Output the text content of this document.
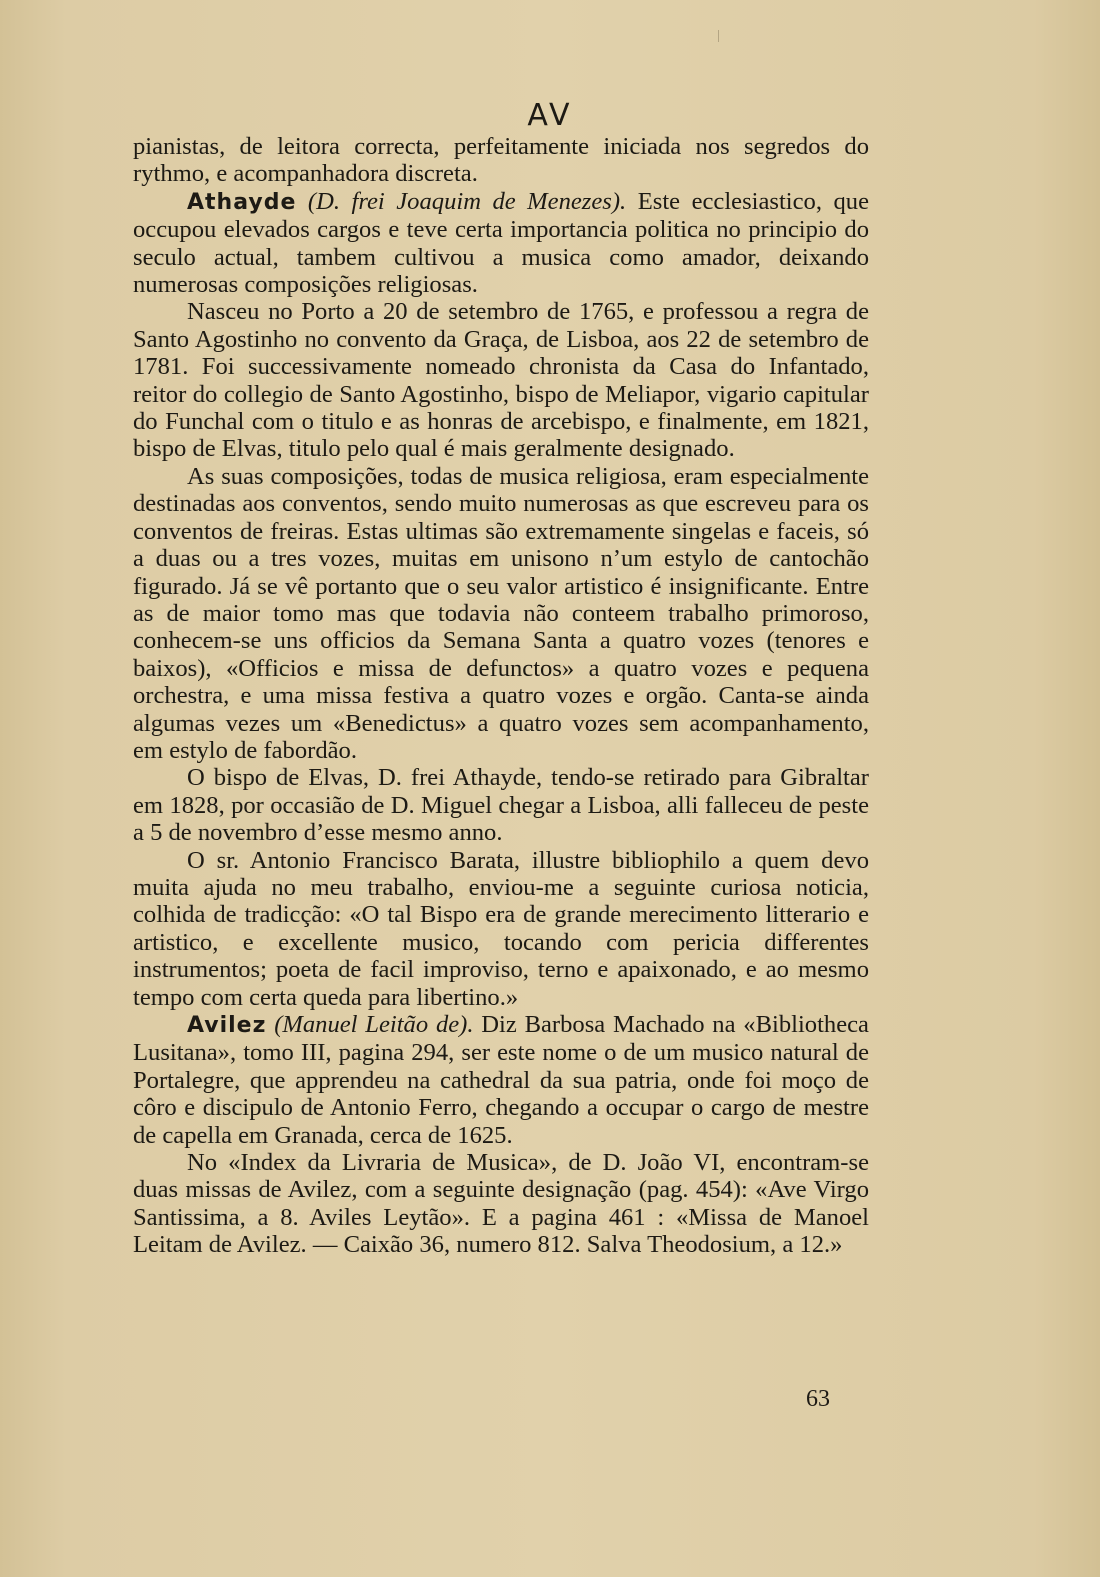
AV

pianistas, de leitora correcta, perfeitamente iniciada nos segredos do rythmo, e acompanhadora discreta.

Athayde (D. frei Joaquim de Menezes). Este ecclesiastico, que occupou elevados cargos e teve certa importancia politica no principio do seculo actual, tambem cultivou a musica como amador, deixando numerosas composições religiosas.

Nasceu no Porto a 20 de setembro de 1765, e professou a regra de Santo Agostinho no convento da Graça, de Lisboa, aos 22 de setembro de 1781. Foi successivamente nomeado chronista da Casa do Infantado, reitor do collegio de Santo Agostinho, bispo de Meliapor, vigario capitular do Funchal com o titulo e as honras de arcebispo, e finalmente, em 1821, bispo de Elvas, titulo pelo qual é mais geralmente designado.

As suas composições, todas de musica religiosa, eram especialmente destinadas aos conventos, sendo muito numerosas as que escreveu para os conventos de freiras. Estas ultimas são extremamente singelas e faceis, só a duas ou a tres vozes, muitas em unisono n’um estylo de cantochão figurado. Já se vê portanto que o seu valor artistico é insignificante. Entre as de maior tomo mas que todavia não conteem trabalho primoroso, conhecem-se uns officios da Semana Santa a quatro vozes (tenores e baixos), «Officios e missa de defunctos» a quatro vozes e pequena orchestra, e uma missa festiva a quatro vozes e orgão. Canta-se ainda algumas vezes um «Benedictus» a quatro vozes sem acompanhamento, em estylo de fabordão.

O bispo de Elvas, D. frei Athayde, tendo-se retirado para Gibraltar em 1828, por occasião de D. Miguel chegar a Lisboa, alli falleceu de peste a 5 de novembro d’esse mesmo anno.

O sr. Antonio Francisco Barata, illustre bibliophilo a quem devo muita ajuda no meu trabalho, enviou-me a seguinte curiosa noticia, colhida de tradicção: «O tal Bispo era de grande merecimento litterario e artistico, e excellente musico, tocando com pericia differentes instrumentos; poeta de facil improviso, terno e apaixonado, e ao mesmo tempo com certa queda para libertino.»

Avilez (Manuel Leitão de). Diz Barbosa Machado na «Bibliotheca Lusitana», tomo III, pagina 294, ser este nome o de um musico natural de Portalegre, que apprendeu na cathedral da sua patria, onde foi moço de côro e discipulo de Antonio Ferro, chegando a occupar o cargo de mestre de capella em Granada, cerca de 1625.

No «Index da Livraria de Musica», de D. João VI, encontram-se duas missas de Avilez, com a seguinte designação (pag. 454): «Ave Virgo Santissima, a 8. Aviles Leytão». E a pagina 461 : «Missa de Manoel Leitam de Avilez. — Caixão 36, numero 812. Salva Theodosium, a 12.»

63
